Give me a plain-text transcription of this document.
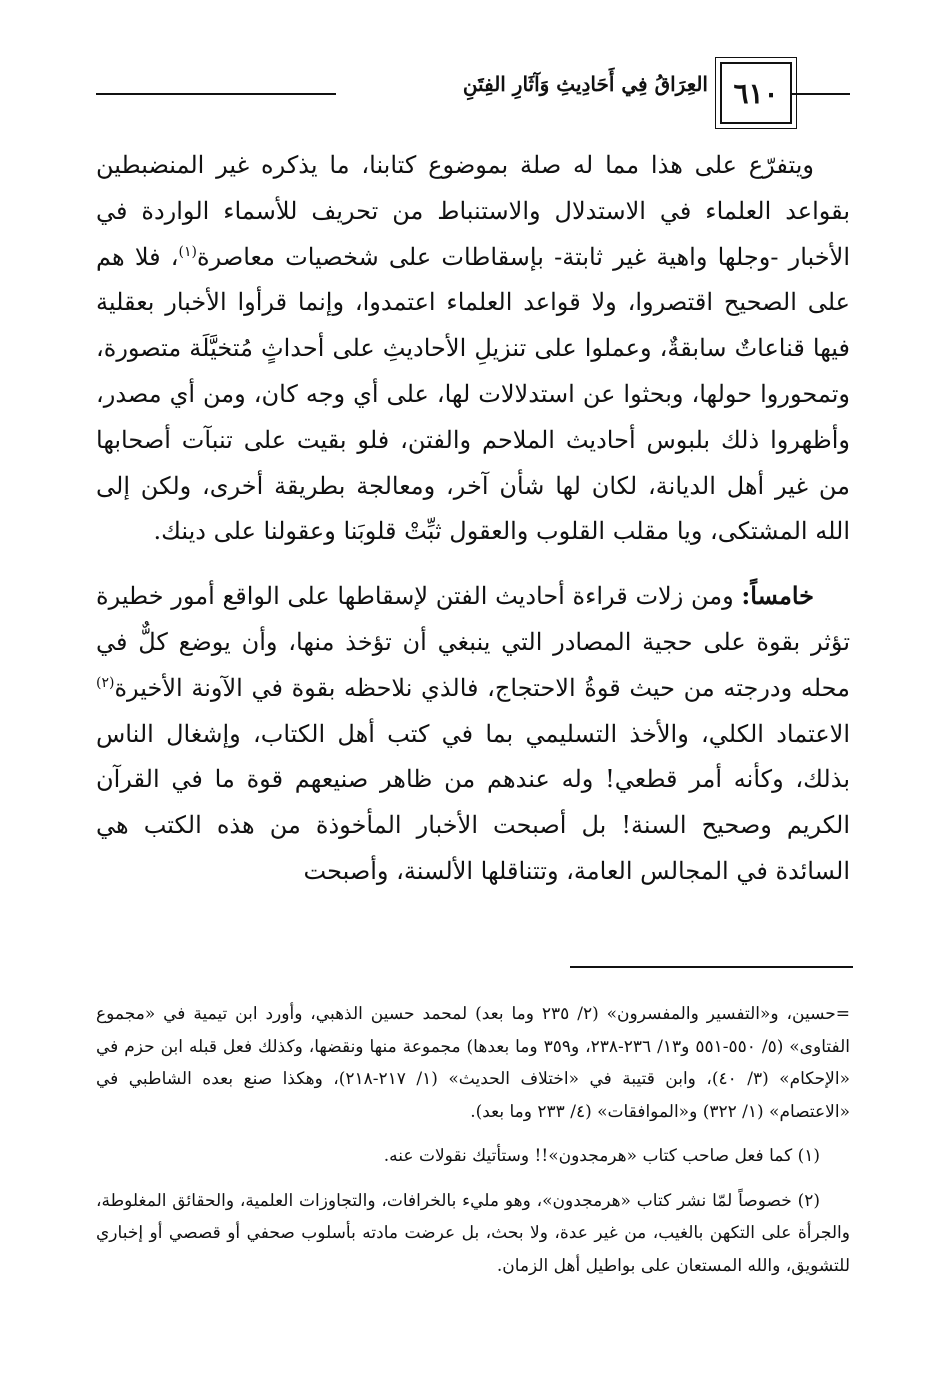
٦١٠
العِرَاقُ فِي أَحَادِيثِ وَآثَارِ الفِتَنِ

ويتفرّع على هذا مما له صلة بموضوع كتابنا، ما يذكره غير المنضبطين بقواعد العلماء في الاستدلال والاستنباط من تحريف للأسماء الواردة في الأخبار -وجلها واهية غير ثابتة- بإسقاطات على شخصيات معاصرة$^{(١)}$، فلا هم على الصحيح اقتصروا، ولا قواعد العلماء اعتمدوا، وإنما قرأوا الأخبار بعقلية فيها قناعاتٌ سابقةٌ، وعملوا على تنزيلِ الأحاديثِ على أحداثٍ مُتخيَّلَة متصورة، وتمحوروا حولها، وبحثوا عن استدلالات لها، على أي وجه كان، ومن أي مصدر، وأظهروا ذلك بلبوس أحاديث الملاحم والفتن، فلو بقيت على تنبآت أصحابها من غير أهل الديانة، لكان لها شأن آخر، ومعالجة بطريقة أخرى، ولكن إلى الله المشتكى، ويا مقلب القلوب والعقول ثبِّتْ قلوبَنا وعقولنا على دينك.

خامساً: ومن زلات قراءة أحاديث الفتن لإسقاطها على الواقع أمور خطيرة تؤثر بقوة على حجية المصادر التي ينبغي أن تؤخذ منها، وأن يوضع كلٌّ في محله ودرجته من حيث قوةُ الاحتجاج، فالذي نلاحظه بقوة في الآونة الأخيرة$^{(٢)}$ الاعتماد الكلي، والأخذ التسليمي بما في كتب أهل الكتاب، وإشغال الناس بذلك، وكأنه أمر قطعي! وله عندهم من ظاهر صنيعهم قوة ما في القرآن الكريم وصحيح السنة! بل أصبحت الأخبار المأخوذة من هذه الكتب هي السائدة في المجالس العامة، وتتناقلها الألسنة، وأصبحت

=حسين، و«التفسير والمفسرون» (٢/ ٢٣٥ وما بعد) لمحمد حسين الذهبي، وأورد ابن تيمية في «مجموع الفتاوى» (٥/ ٥٥٠-٥٥١ و١٣/ ٢٣٦-٢٣٨، و٣٥٩ وما بعدها) مجموعة منها ونقضها، وكذلك فعل قبله ابن حزم في «الإحكام» (٣/ ٤٠)، وابن قتيبة في «اختلاف الحديث» (١/ ٢١٧-٢١٨)، وهكذا صنع بعده الشاطبي في «الاعتصام» (١/ ٣٢٢) و«الموافقات» (٤/ ٢٣٣ وما بعد).

(١) كما فعل صاحب كتاب «هرمجدون»!! وستأتيك نقولات عنه.

(٢) خصوصاً لمّا نشر كتاب «هرمجدون»، وهو مليء بالخرافات، والتجاوزات العلمية، والحقائق المغلوطة، والجرأة على التكهن بالغيب، من غير عدة، ولا بحث، بل عرضت مادته بأسلوب صحفي أو قصصي أو إخباري للتشويق، والله المستعان على بواطيل أهل الزمان.
